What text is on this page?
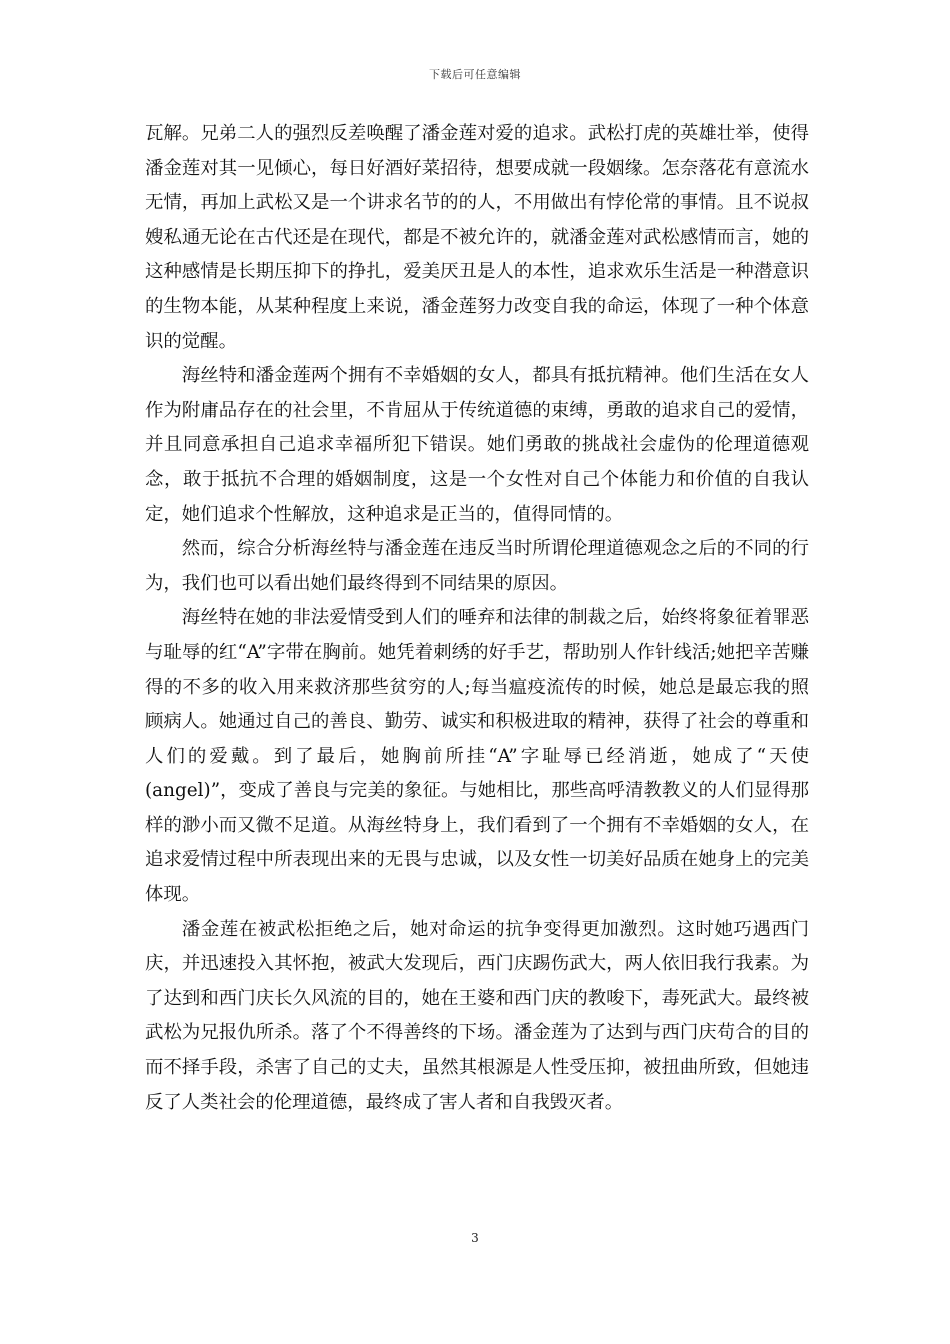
下载后可任意编辑

瓦解。兄弟二人的强烈反差唤醒了潘金莲对爱的追求。武松打虎的英雄壮举，使得潘金莲对其一见倾心，每日好酒好菜招待，想要成就一段姻缘。怎奈落花有意流水无情，再加上武松又是一个讲求名节的的人，不用做出有悖伦常的事情。且不说叔嫂私通无论在古代还是在现代，都是不被允许的，就潘金莲对武松感情而言，她的这种感情是长期压抑下的挣扎，爱美厌丑是人的本性，追求欢乐生活是一种潜意识的生物本能，从某种程度上来说，潘金莲努力改变自我的命运，体现了一种个体意识的觉醒。

海丝特和潘金莲两个拥有不幸婚姻的女人，都具有抵抗精神。他们生活在女人作为附庸品存在的社会里，不肯屈从于传统道德的束缚，勇敢的追求自己的爱情，并且同意承担自己追求幸福所犯下错误。她们勇敢的挑战社会虚伪的伦理道德观念，敢于抵抗不合理的婚姻制度，这是一个女性对自己个体能力和价值的自我认定，她们追求个性解放，这种追求是正当的，值得同情的。

然而，综合分析海丝特与潘金莲在违反当时所谓伦理道德观念之后的不同的行为，我们也可以看出她们最终得到不同结果的原因。

海丝特在她的非法爱情受到人们的唾弃和法律的制裁之后，始终将象征着罪恶与耻辱的红“A”字带在胸前。她凭着刺绣的好手艺，帮助别人作针线活;她把辛苦赚得的不多的收入用来救济那些贫穷的人;每当瘟疫流传的时候，她总是最忘我的照顾病人。她通过自己的善良、勤劳、诚实和积极进取的精神，获得了社会的尊重和人们的爱戴。到了最后，她胸前所挂“A”字耻辱已经消逝，她成了“天使(angel)”，变成了善良与完美的象征。与她相比，那些高呼清教教义的人们显得那样的渺小而又微不足道。从海丝特身上，我们看到了一个拥有不幸婚姻的女人，在追求爱情过程中所表现出来的无畏与忠诚，以及女性一切美好品质在她身上的完美体现。

潘金莲在被武松拒绝之后，她对命运的抗争变得更加激烈。这时她巧遇西门庆，并迅速投入其怀抱，被武大发现后，西门庆踢伤武大，两人依旧我行我素。为了达到和西门庆长久风流的目的，她在王婆和西门庆的教唆下，毒死武大。最终被武松为兄报仇所杀。落了个不得善终的下场。潘金莲为了达到与西门庆苟合的目的而不择手段，杀害了自己的丈夫，虽然其根源是人性受压抑，被扭曲所致，但她违反了人类社会的伦理道德，最终成了害人者和自我毁灭者。

3
